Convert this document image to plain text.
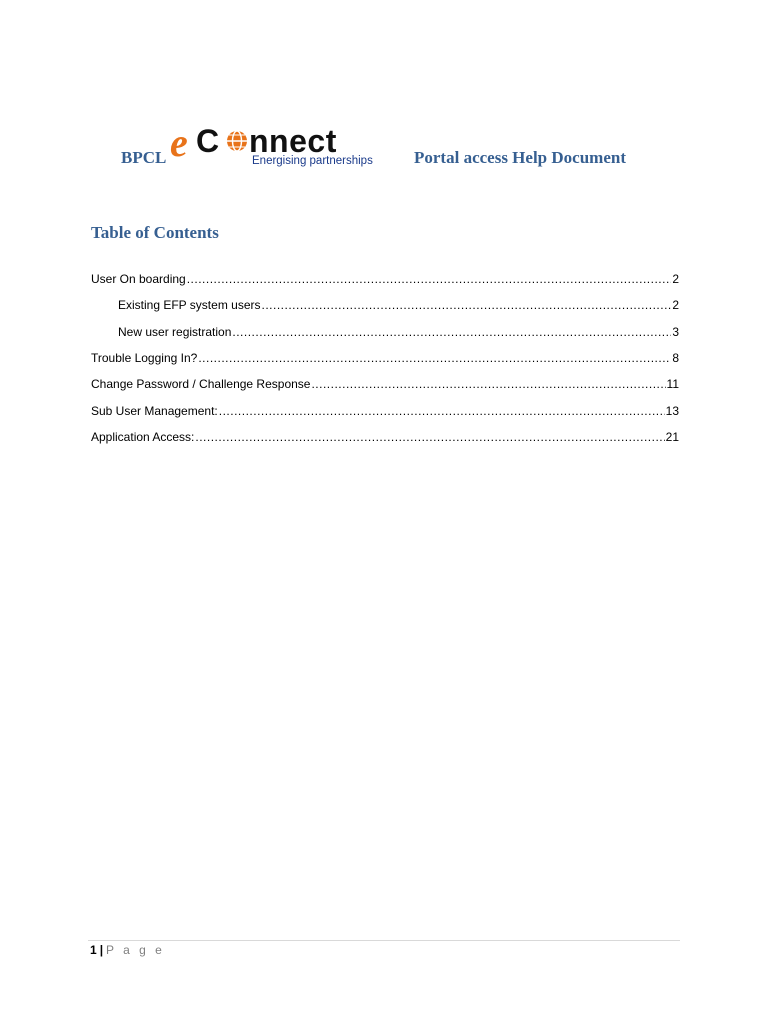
BPCL e C nnect
Energising partnerships Portal access Help Document
Table of Contents
User On boarding .....	2
Existing EFP system users .....	2
New user registration .....	3
Trouble Logging In? .....	8
Change Password / Challenge Response .....	11
Sub User Management: .....	13
Application Access: .....	21
1 | P a g e
